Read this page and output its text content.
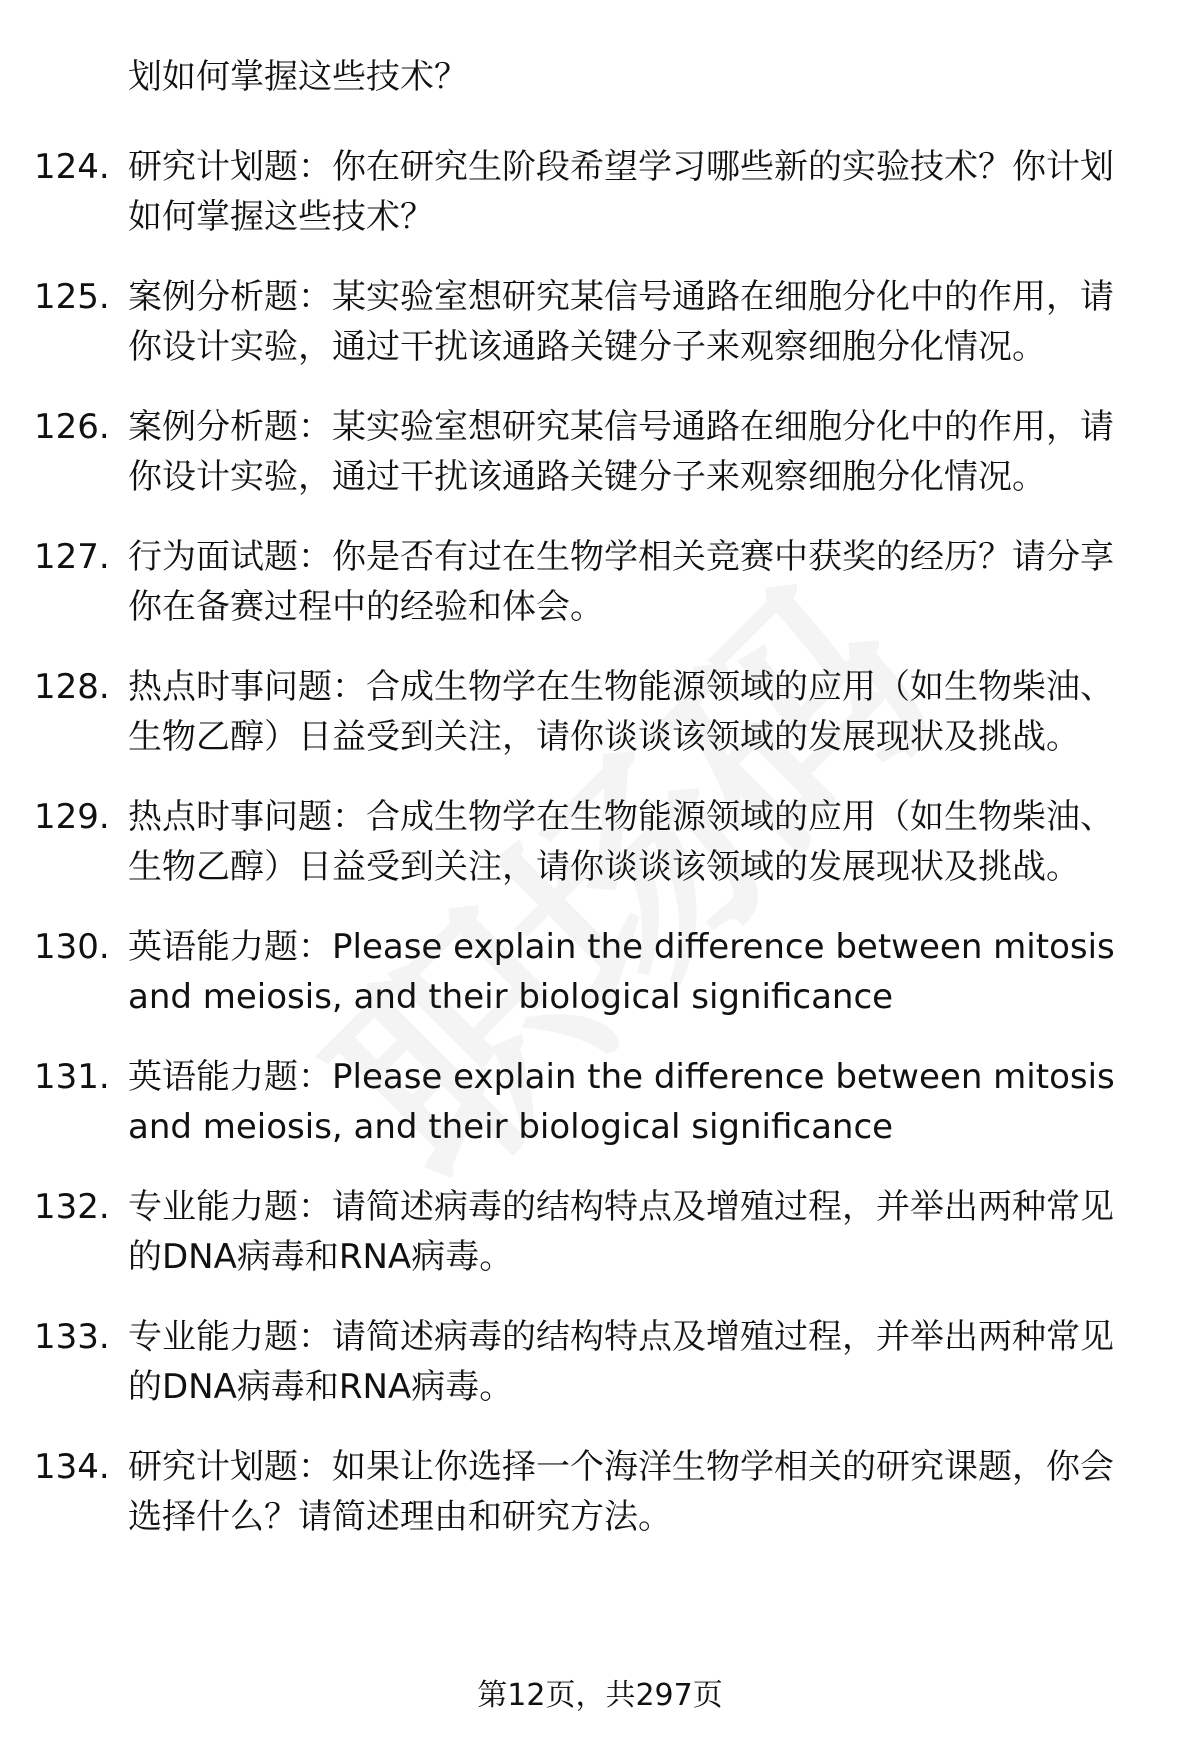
划如何掌握这些技术？

124. 研究计划题：你在研究生阶段希望学习哪些新的实验技术？你计划如何掌握这些技术？

125. 案例分析题：某实验室想研究某信号通路在细胞分化中的作用，请你设计实验，通过干扰该通路关键分子来观察细胞分化情况。

126. 案例分析题：某实验室想研究某信号通路在细胞分化中的作用，请你设计实验，通过干扰该通路关键分子来观察细胞分化情况。

127. 行为面试题：你是否有过在生物学相关竞赛中获奖的经历？请分享你在备赛过程中的经验和体会。

128. 热点时事问题：合成生物学在生物能源领域的应用（如生物柴油、生物乙醇）日益受到关注，请你谈谈该领域的发展现状及挑战。

129. 热点时事问题：合成生物学在生物能源领域的应用（如生物柴油、生物乙醇）日益受到关注，请你谈谈该领域的发展现状及挑战。

130. 英语能力题：Please explain the difference between mitosis and meiosis, and their biological significance

131. 英语能力题：Please explain the difference between mitosis and meiosis, and their biological significance

132. 专业能力题：请简述病毒的结构特点及增殖过程，并举出两种常见的DNA病毒和RNA病毒。

133. 专业能力题：请简述病毒的结构特点及增殖过程，并举出两种常见的DNA病毒和RNA病毒。

134. 研究计划题：如果让你选择一个海洋生物学相关的研究课题，你会选择什么？请简述理由和研究方法。

第12页，共297页
